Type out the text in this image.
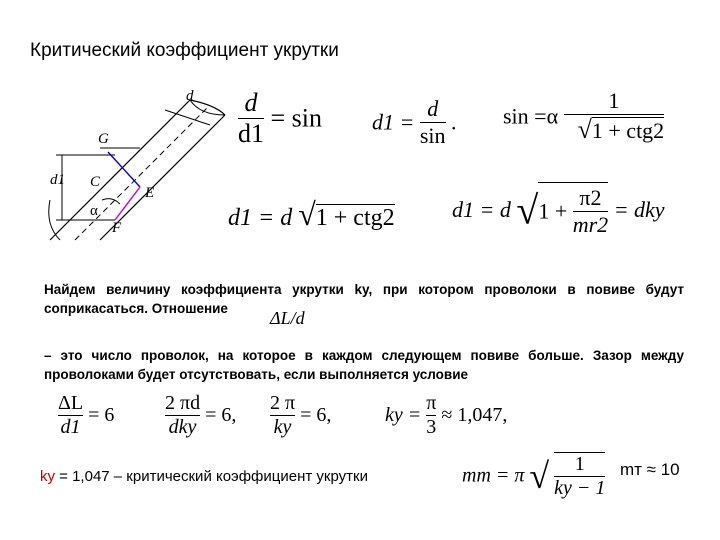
Критический коэффициент укрутки
d
G
d1 C
E
α
F
$\frac{d}{d1} = \sin d1 = \frac{d}{\sin}$ . sin =α
1
√1 + ctg2
d1 = d √1 + ctg2	d1 = d $√1 + \frac{\pi 2}{mr2}$ = dky
Найдем величину коэффициента укрутки kу, при котором проволоки в повиве будут соприкасаться. Отношение	ΔL/d
– это число проволок, на которое в каждом следующем повиве больше. Зазор между проволоками будет отсутствовать, если выполняется условие
$\frac{\Delta L}{d1} = 6$
2 πd
dky
= 6, $\frac{2 \pi}{ky} = 6$,	ky = $\frac{\pi}{3} \approx 1,047$,
kу = 1,047 – критический коэффициент укрутки	mт = π √ $\frac{1}{ky - 1}$ mт ≈ 10
